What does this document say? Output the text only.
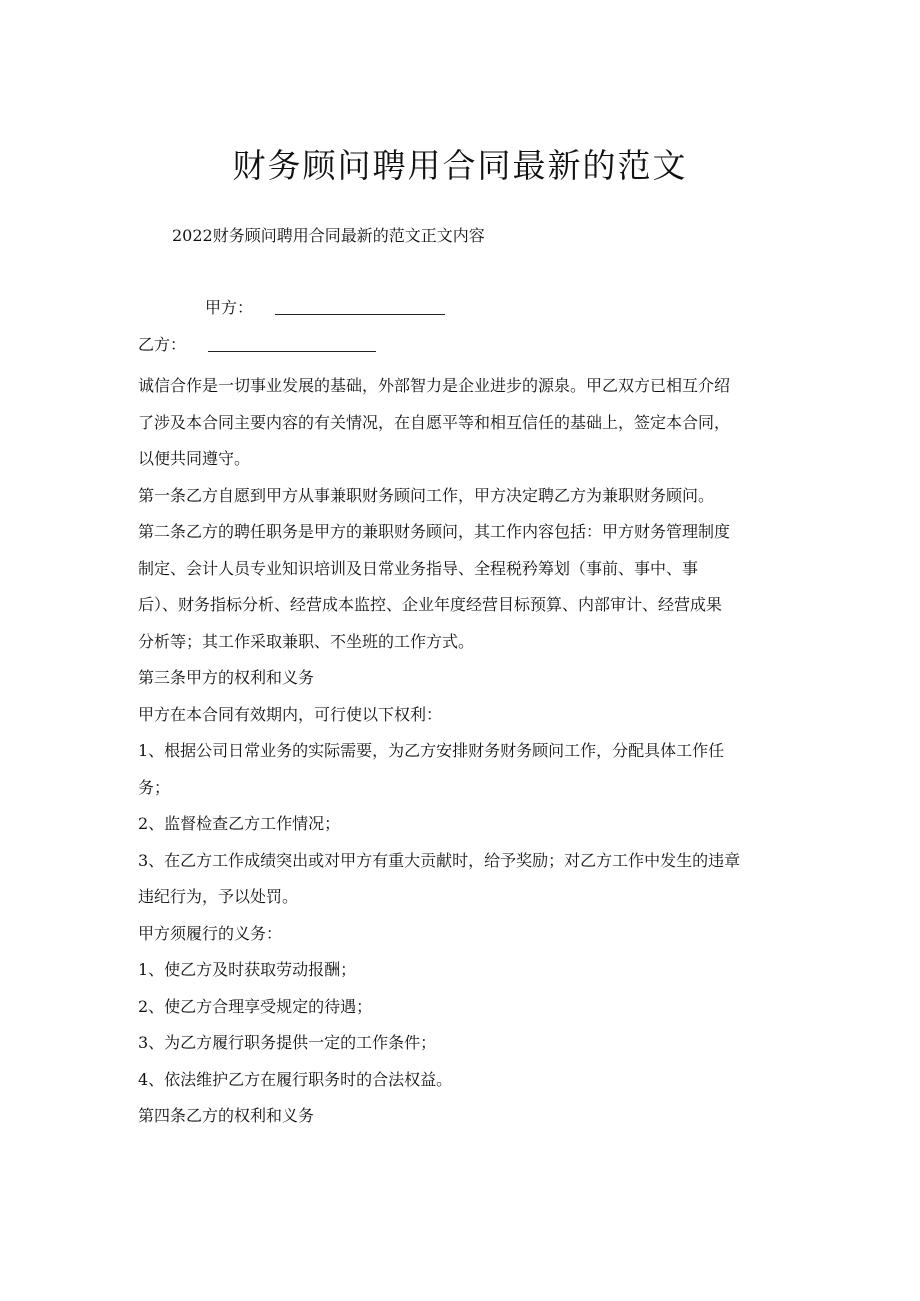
财务顾问聘用合同最新的范文

2022财务顾问聘用合同最新的范文正文内容

甲方：
乙方：

诚信合作是一切事业发展的基础，外部智力是企业进步的源泉。甲乙双方已相互介绍

了涉及本合同主要内容的有关情况，在自愿平等和相互信任的基础上，签定本合同，

以便共同遵守。

第一条乙方自愿到甲方从事兼职财务顾问工作，甲方决定聘乙方为兼职财务顾问。

第二条乙方的聘任职务是甲方的兼职财务顾问，其工作内容包括：甲方财务管理制度

制定、会计人员专业知识培训及日常业务指导、全程税矜筹划（事前、事中、事

后）、财务指标分析、经营成本监控、企业年度经营目标预算、内部审计、经营成果

分析等；其工作采取兼职、不坐班的工作方式。

第三条甲方的权利和义务

甲方在本合同有效期内，可行使以下权利：

1、根据公司日常业务的实际需要，为乙方安排财务财务顾问工作，分配具体工作任

务；

2、监督检查乙方工作情况；

3、在乙方工作成绩突出或对甲方有重大贡献时，给予奖励；对乙方工作中发生的违章

违纪行为，予以处罚。

甲方须履行的义务：

1、使乙方及时获取劳动报酬；

2、使乙方合理享受规定的待遇；

3、为乙方履行职务提供一定的工作条件；

4、依法维护乙方在履行职务时的合法权益。

第四条乙方的权利和义务
